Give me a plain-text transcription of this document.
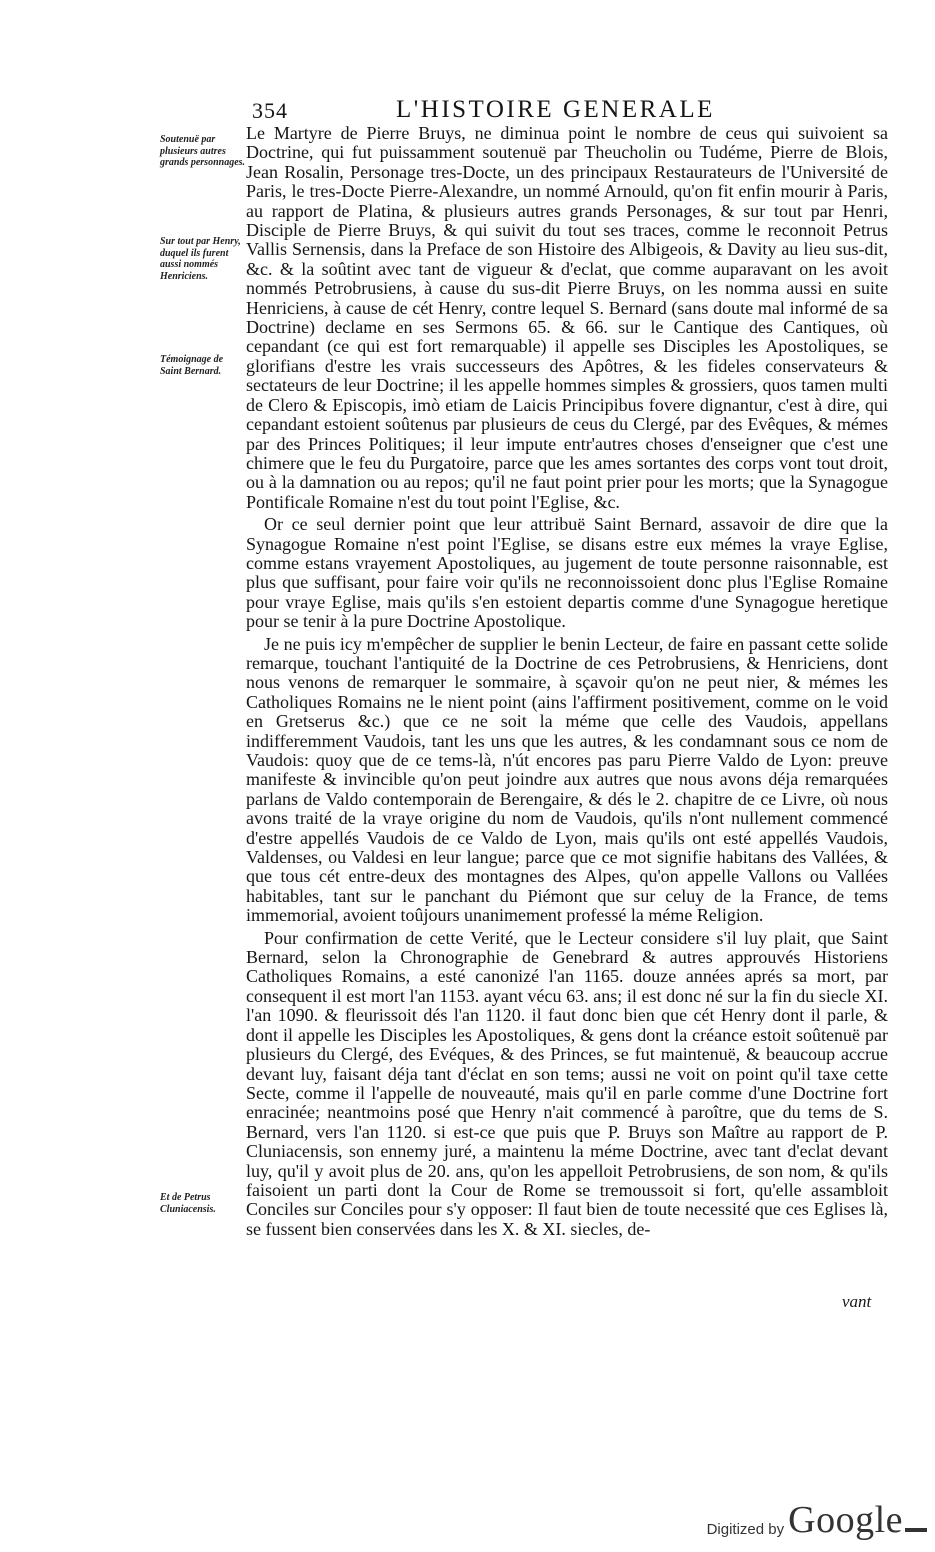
354	L'HISTOIRE GENERALE
Soutenuë par plusieurs autres grands personnages.
Sur tout par Henry, duquel ils furent aussi nommés Henriciens.
Témoignage de Saint Bernard.
Et de Petrus Cluniacensis.

Le Martyre de Pierre Bruys, ne diminua point le nombre de ceus qui suivoient sa Doctrine, qui fut puissamment soutenuë par Theucholin ou Tudéme, Pierre de Blois, Jean Rosalin, Personage tres-Docte, un des principaux Restaurateurs de l'Université de Paris, le tres-Docte Pierre-Alexandre, un nommé Arnould, qu'on fit enfin mourir à Paris, au rapport de Platina, & plusieurs autres grands Personages, & sur tout par Henri, Disciple de Pierre Bruys, & qui suivit du tout ses traces, comme le reconnoit Petrus Vallis Sernensis, dans la Preface de son Histoire des Albigeois, & Davity au lieu sus-dit, &c. & la soûtint avec tant de vigueur & d'eclat, que comme auparavant on les avoit nommés Petrobrusiens, à cause du sus-dit Pierre Bruys, on les nomma aussi en suite Henriciens, à cause de cét Henry, contre lequel S. Bernard (sans doute mal informé de sa Doctrine) declame en ses Sermons 65. & 66. sur le Cantique des Cantiques, où cepandant (ce qui est fort remarquable) il appelle ses Disciples les Apostoliques, se glorifians d'estre les vrais successeurs des Apôtres, & les fideles conservateurs & sectateurs de leur Doctrine; il les appelle hommes simples & grossiers, quos tamen multi de Clero & Episcopis, imò etiam de Laicis Principibus fovere dignantur, c'est à dire, qui cepandant estoient soûtenus par plusieurs de ceus du Clergé, par des Evêques, & mémes par des Princes Politiques; il leur impute entr'autres choses d'enseigner que c'est une chimere que le feu du Purgatoire, parce que les ames sortantes des corps vont tout droit, ou à la damnation ou au repos; qu'il ne faut point prier pour les morts; que la Synagogue Pontificale Romaine n'est du tout point l'Eglise, &c.

Or ce seul dernier point que leur attribuë Saint Bernard, assavoir de dire que la Synagogue Romaine n'est point l'Eglise, se disans estre eux mémes la vraye Eglise, comme estans vrayement Apostoliques, au jugement de toute personne raisonnable, est plus que suffisant, pour faire voir qu'ils ne reconnoissoient donc plus l'Eglise Romaine pour vraye Eglise, mais qu'ils s'en estoient departis comme d'une Synagogue heretique pour se tenir à la pure Doctrine Apostolique.

Je ne puis icy m'empêcher de supplier le benin Lecteur, de faire en passant cette solide remarque, touchant l'antiquité de la Doctrine de ces Petrobrusiens, & Henriciens, dont nous venons de remarquer le sommaire, à sçavoir qu'on ne peut nier, & mémes les Catholiques Romains ne le nient point (ains l'affirment positivement, comme on le void en Gretserus &c.) que ce ne soit la méme que celle des Vaudois, appellans indifferemment Vaudois, tant les uns que les autres, & les condamnant sous ce nom de Vaudois: quoy que de ce tems-là, n'út encores pas paru Pierre Valdo de Lyon: preuve manifeste & invincible qu'on peut joindre aux autres que nous avons déja remarquées parlans de Valdo contemporain de Berengaire, & dés le 2. chapitre de ce Livre, où nous avons traité de la vraye origine du nom de Vaudois, qu'ils n'ont nullement commencé d'estre appellés Vaudois de ce Valdo de Lyon, mais qu'ils ont esté appellés Vaudois, Valdenses, ou Valdesi en leur langue; parce que ce mot signifie habitans des Vallées, & que tous cét entre-deux des montagnes des Alpes, qu'on appelle Vallons ou Vallées habitables, tant sur le panchant du Piémont que sur celuy de la France, de tems immemorial, avoient toûjours unanimement professé la méme Religion.

Pour confirmation de cette Verité, que le Lecteur considere s'il luy plait, que Saint Bernard, selon la Chronographie de Genebrard & autres approuvés Historiens Catholiques Romains, a esté canonizé l'an 1165. douze années aprés sa mort, par consequent il est mort l'an 1153. ayant vécu 63. ans; il est donc né sur la fin du siecle XI. l'an 1090. & fleurissoit dés l'an 1120. il faut donc bien que cét Henry dont il parle, & dont il appelle les Disciples les Apostoliques, & gens dont la créance estoit soûtenuë par plusieurs du Clergé, des Evéques, & des Princes, se fut maintenuë, & beaucoup accrue devant luy, faisant déja tant d'éclat en son tems; aussi ne voit on point qu'il taxe cette Secte, comme il l'appelle de nouveauté, mais qu'il en parle comme d'une Doctrine fort enracinée; neantmoins posé que Henry n'ait commencé à paroître, que du tems de S. Bernard, vers l'an 1120. si est-ce que puis que P. Bruys son Maître au rapport de P. Cluniacensis, son ennemy juré, a maintenu la méme Doctrine, avec tant d'eclat devant luy, qu'il y avoit plus de 20. ans, qu'on les appelloit Petrobrusiens, de son nom, & qu'ils faisoient un parti dont la Cour de Rome se tremoussoit si fort, qu'elle assambloit Conciles sur Conciles pour s'y opposer: Il faut bien de toute necessité que ces Eglises là, se fussent bien conservées dans les X. & XI. siecles, de-

vant
Digitized by Google
